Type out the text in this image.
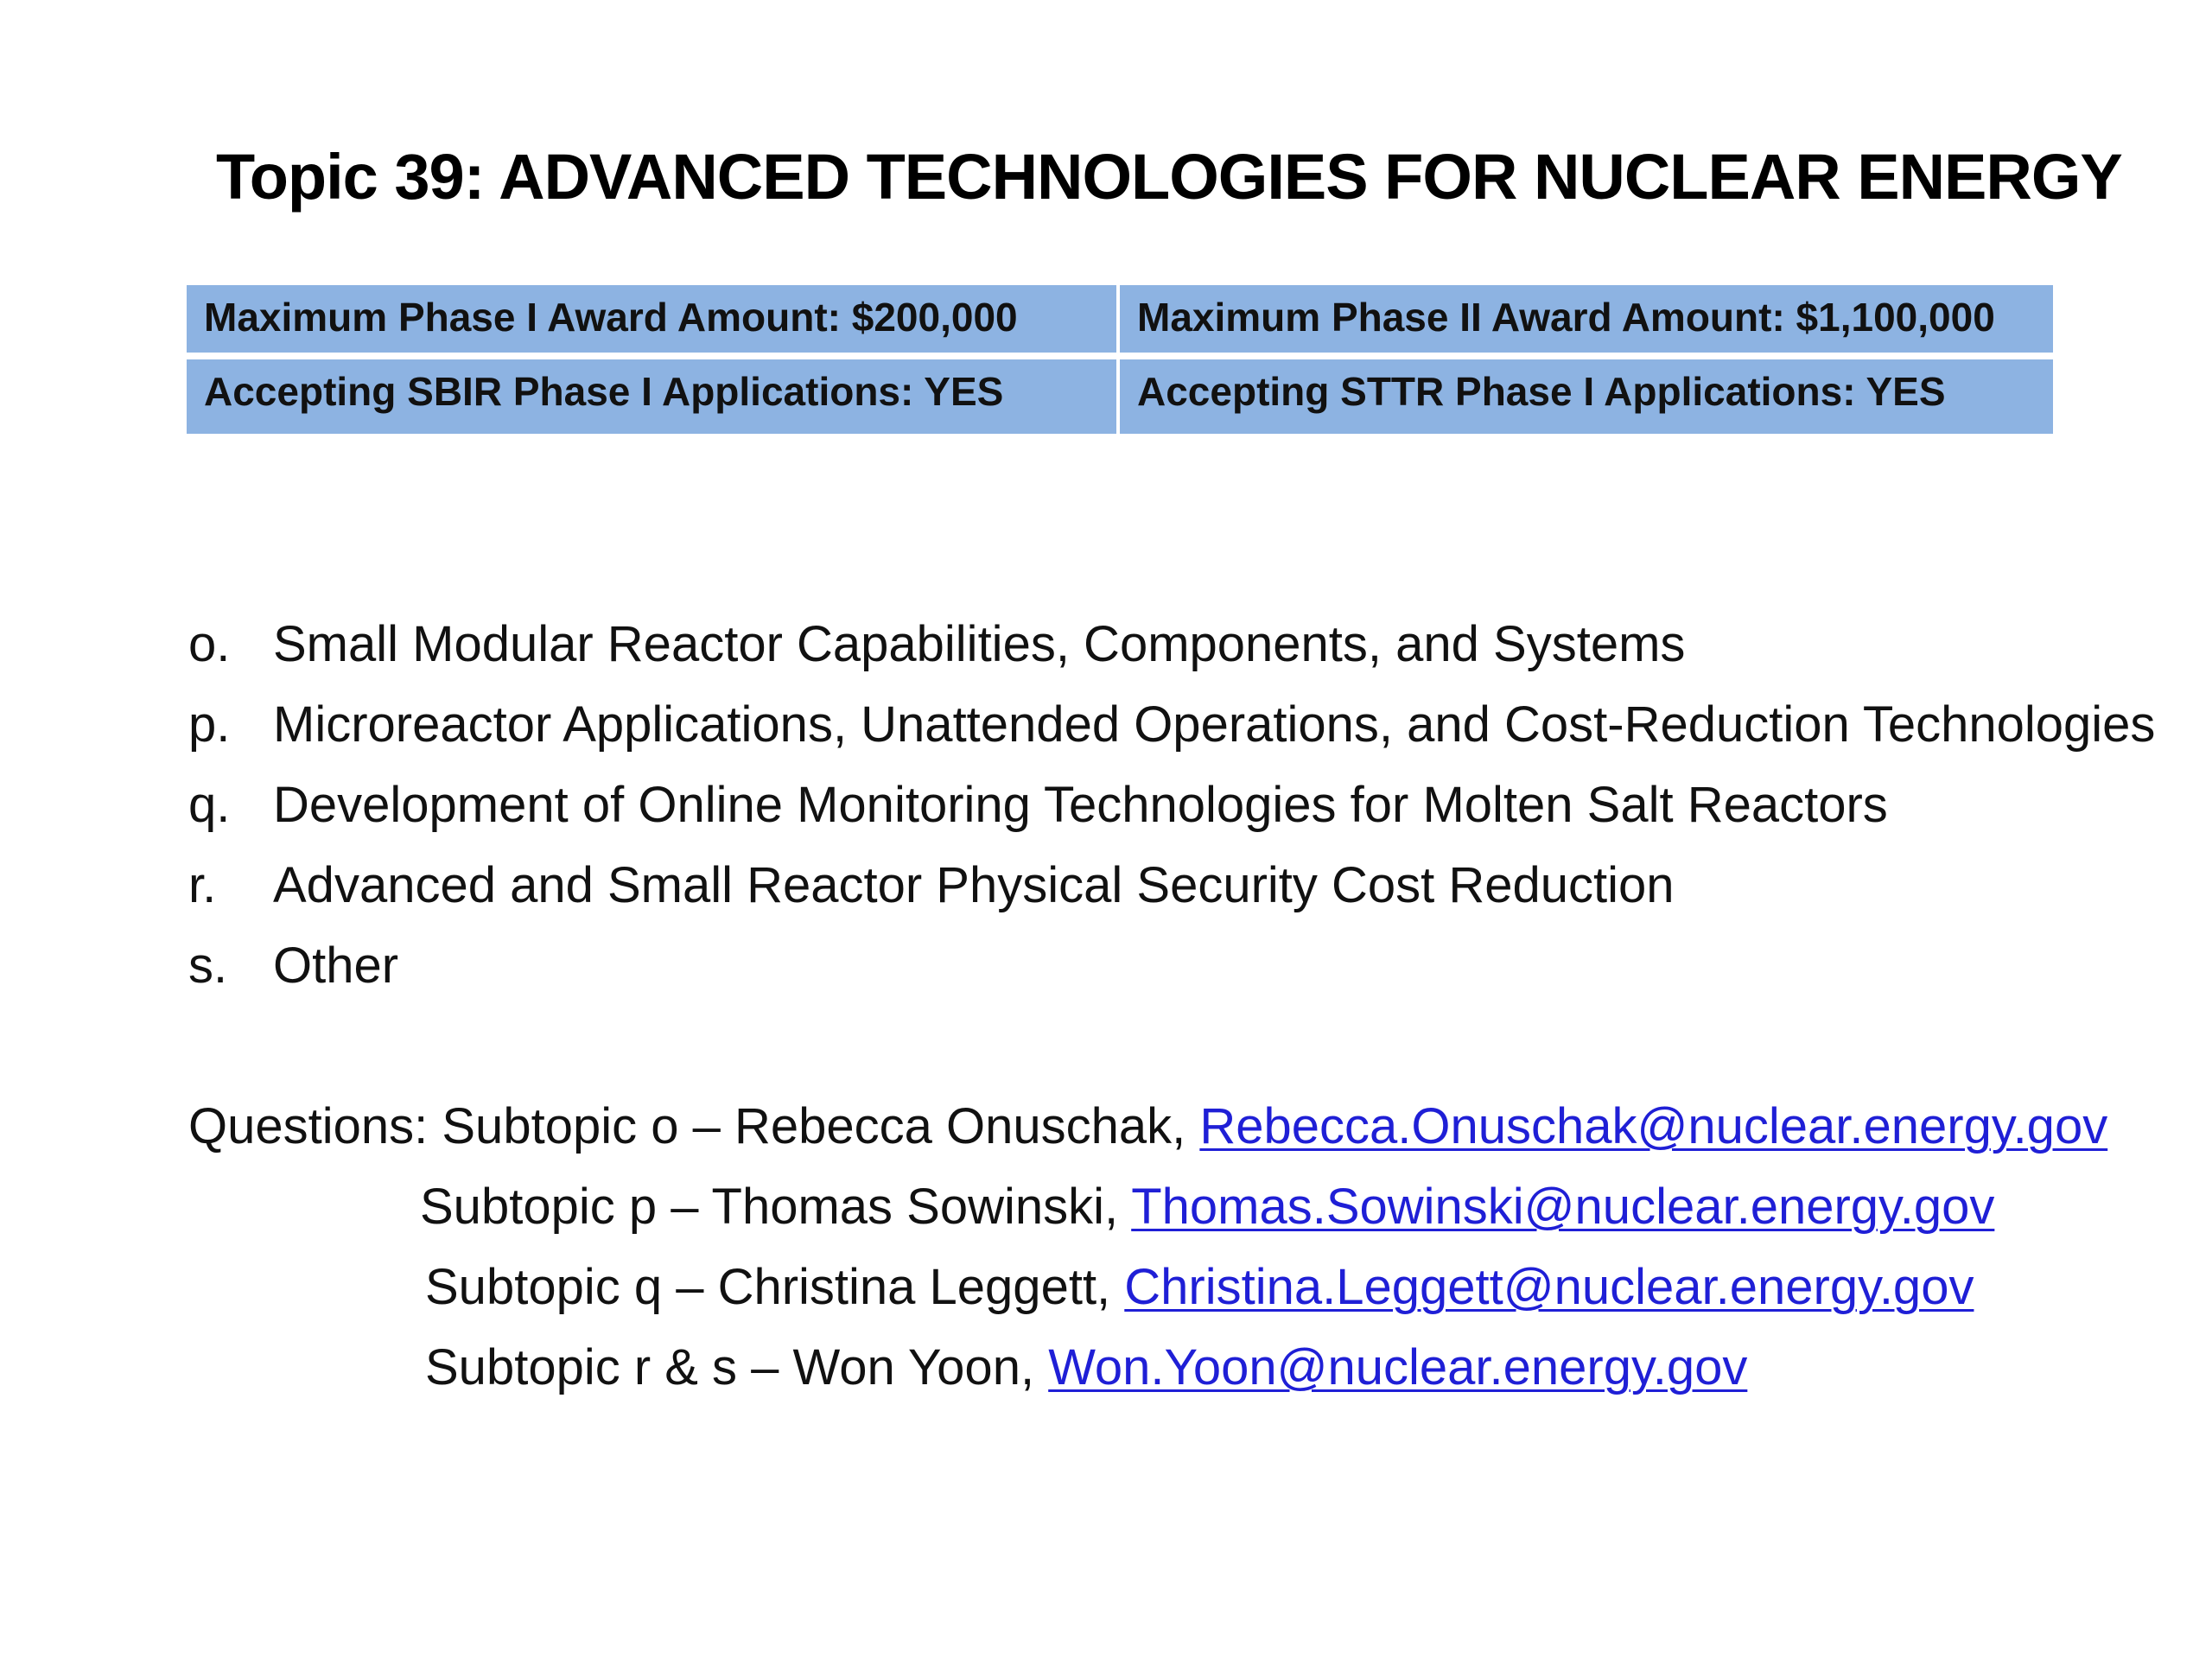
Topic 39: ADVANCED TECHNOLOGIES FOR NUCLEAR ENERGY
Maximum Phase I Award Amount: $200,000	Maximum Phase II Award Amount: $1,100,000
Accepting SBIR Phase I Applications: YES	Accepting STTR Phase I Applications: YES
o. Small Modular Reactor Capabilities, Components, and Systems
p. Microreactor Applications, Unattended Operations, and Cost-Reduction Technologies
q. Development of Online Monitoring Technologies for Molten Salt Reactors
r.	Advanced and Small Reactor Physical Security Cost Reduction
s. Other
Questions: Subtopic o – Rebecca Onuschak, Rebecca.Onuschak@nuclear.energy.gov
Subtopic p – Thomas Sowinski, Thomas.Sowinski@nuclear.energy.gov
Subtopic q – Christina Leggett, Christina.Leggett@nuclear.energy.gov
Subtopic r & s – Won Yoon, Won.Yoon@nuclear.energy.gov
